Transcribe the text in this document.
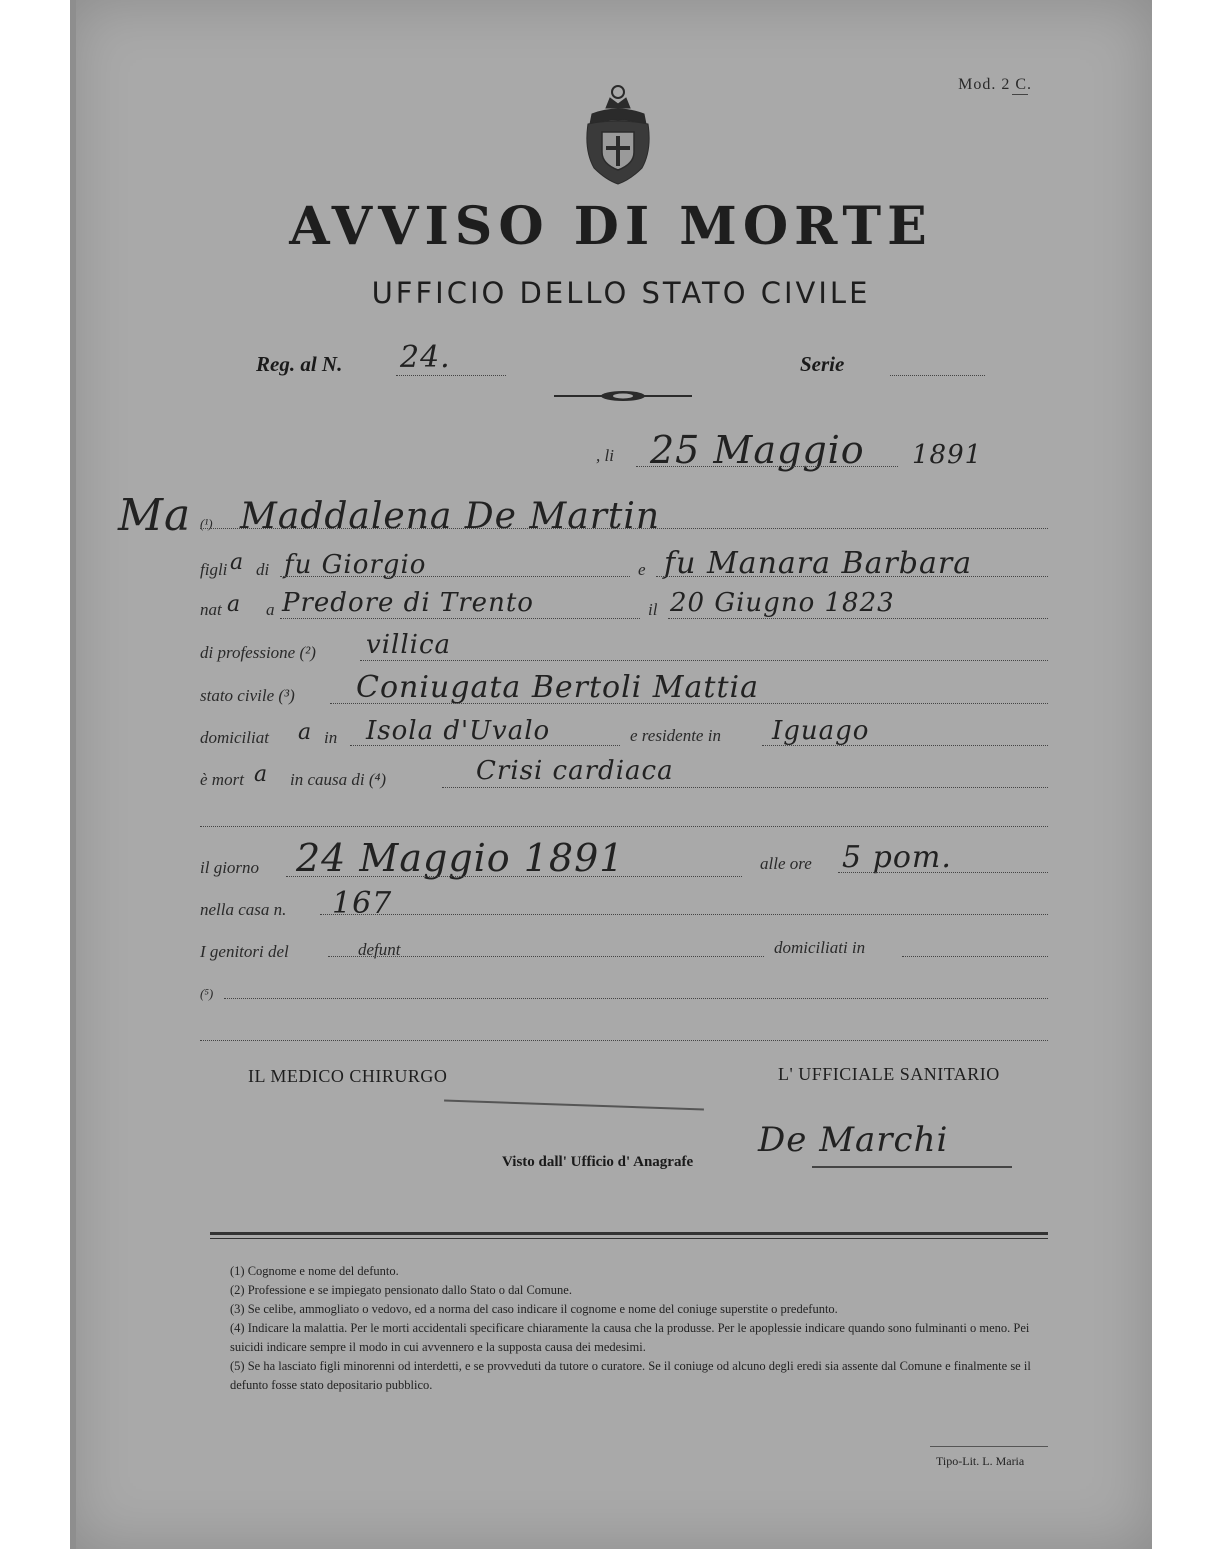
Mod. 2 C.
AVVISO DI MORTE
UFFICIO DELLO STATO CIVILE
Reg. al N. 24.	Serie
, li 25 Maggio 1891
Ma (¹) Maddalena De Martin
figli a di fu Giorgio	e fu Manara Barbara
nat a a Predore di Trento	il 20 Giugno 1823
di professione (²) villica
stato civile (³) Coniugata Bertoli Mattia
domiciliat a in Isola d'Uvalo	e residente in Iguago
è mort a in causa di (⁴)	Crisi cardiaca
il giorno 24 Maggio 1891	alle ore 5 pom.
nella casa n. 167
I genitori del	defunt	domiciliati in
(⁵)
IL MEDICO CHIRURGO	L' UFFICIALE SANITARIO
De Marchi
Visto dall' Ufficio d' Anagrafe

(1) Cognome e nome del defunto.

(2) Professione e se impiegato pensionato dallo Stato o dal Comune.

(3) Se celibe, ammogliato o vedovo, ed a norma del caso indicare il cognome e nome del coniuge superstite o predefunto.

(4) Indicare la malattia. Per le morti accidentali specificare chiaramente la causa che la produsse. Per le apoplessie indicare quando sono fulminanti o meno. Pei suicidi indicare sempre il modo in cui avvennero e la supposta causa dei medesimi.

(5) Se ha lasciato figli minorenni od interdetti, e se provveduti da tutore o curatore. Se il coniuge od alcuno degli eredi sia assente dal Comune e finalmente se il defunto fosse stato depositario pubblico.

Tipo-Lit. L. Maria
